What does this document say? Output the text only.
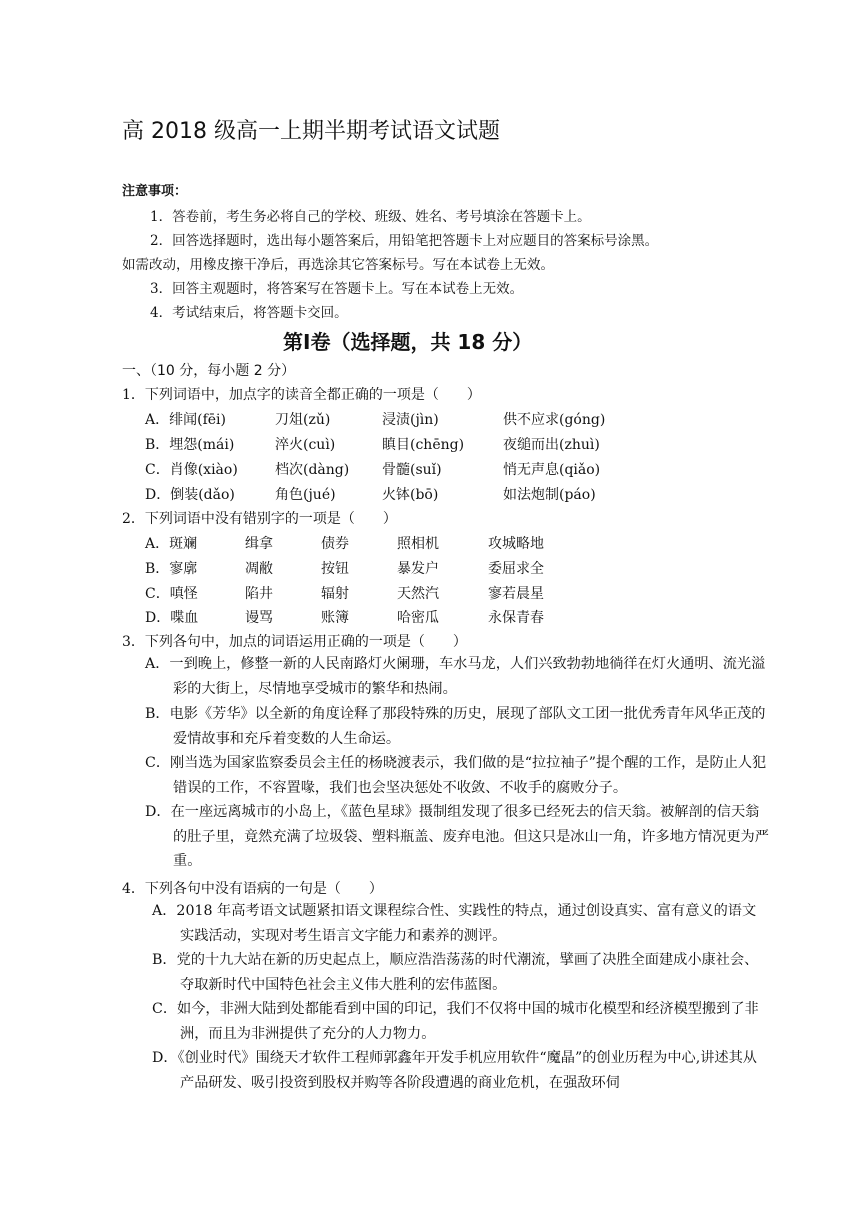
高 2018 级高一上期半期考试语文试题
注意事项：
1．答卷前，考生务必将自己的学校、班级、姓名、考号填涂在答题卡上。
2．回答选择题时，选出每小题答案后，用铅笔把答题卡上对应题目的答案标号涂黑。
如需改动，用橡皮擦干净后，再选涂其它答案标号。写在本试卷上无效。
3．回答主观题时，将答案写在答题卡上。写在本试卷上无效。
4．考试结束后，将答题卡交回。
第Ⅰ卷（选择题，共 18 分）
一、（10 分，每小题 2 分）
1．下列词语中，加点字的读音全都正确的一项是（　　）
A．绯闻(fēi)	刀俎(zǔ)	浸渍(jìn)	供不应求(góng)
B．埋怨(mái)	淬火(cuì)	瞋目(chēng)	夜缒而出(zhuì)
C．肖像(xiào)	档次(dàng) 骨髓(suǐ)	悄无声息(qiǎo)
D．倒装(dǎo)	角色(jué)	火钵(bō)	如法炮制(páo)
2．下列词语中没有错别字的一项是（　　）
A．斑斓	缉拿	债券	照相机	攻城略地
B．寥廓	凋敝	按钮	暴发户	委屈求全
C．嗔怪	陷井	辐射	天然汽	寥若晨星
D．喋血	谩骂	账簿	哈密瓜	永保青春
3．下列各句中，加点的词语运用正确的一项是（　　）
A．一到晚上，修整一新的人民南路灯火阑珊，车水马龙，人们兴致勃勃地徜徉在灯火通明、流光溢彩的大街上，尽情地享受城市的繁华和热闹。
B．电影《芳华》以全新的角度诠释了那段特殊的历史，展现了部队文工团一批优秀青年风华正茂的爱情故事和充斥着变数的人生命运。
C．刚当选为国家监察委员会主任的杨晓渡表示，我们做的是“拉拉袖子”提个醒的工作，是防止人犯错误的工作，不容置喙，我们也会坚决惩处不收敛、不收手的腐败分子。
D．在一座远离城市的小岛上，《蓝色星球》摄制组发现了很多已经死去的信天翁。被解剖的信天翁的肚子里，竟然充满了垃圾袋、塑料瓶盖、废弃电池。但这只是冰山一角，许多地方情况更为严重。
4．下列各句中没有语病的一句是（　　）
A．2018 年高考语文试题紧扣语文课程综合性、实践性的特点，通过创设真实、富有意义的语文实践活动，实现对考生语言文字能力和素养的测评。
B．党的十九大站在新的历史起点上，顺应浩浩荡荡的时代潮流，擘画了决胜全面建成小康社会、夺取新时代中国特色社会主义伟大胜利的宏伟蓝图。
C．如今，非洲大陆到处都能看到中国的印记，我们不仅将中国的城市化模型和经济模型搬到了非洲，而且为非洲提供了充分的人力物力。
D．《创业时代》围绕天才软件工程师郭鑫年开发手机应用软件“魔晶”的创业历程为中心,讲述其从产品研发、吸引投资到股权并购等各阶段遭遇的商业危机，在强敌环伺
